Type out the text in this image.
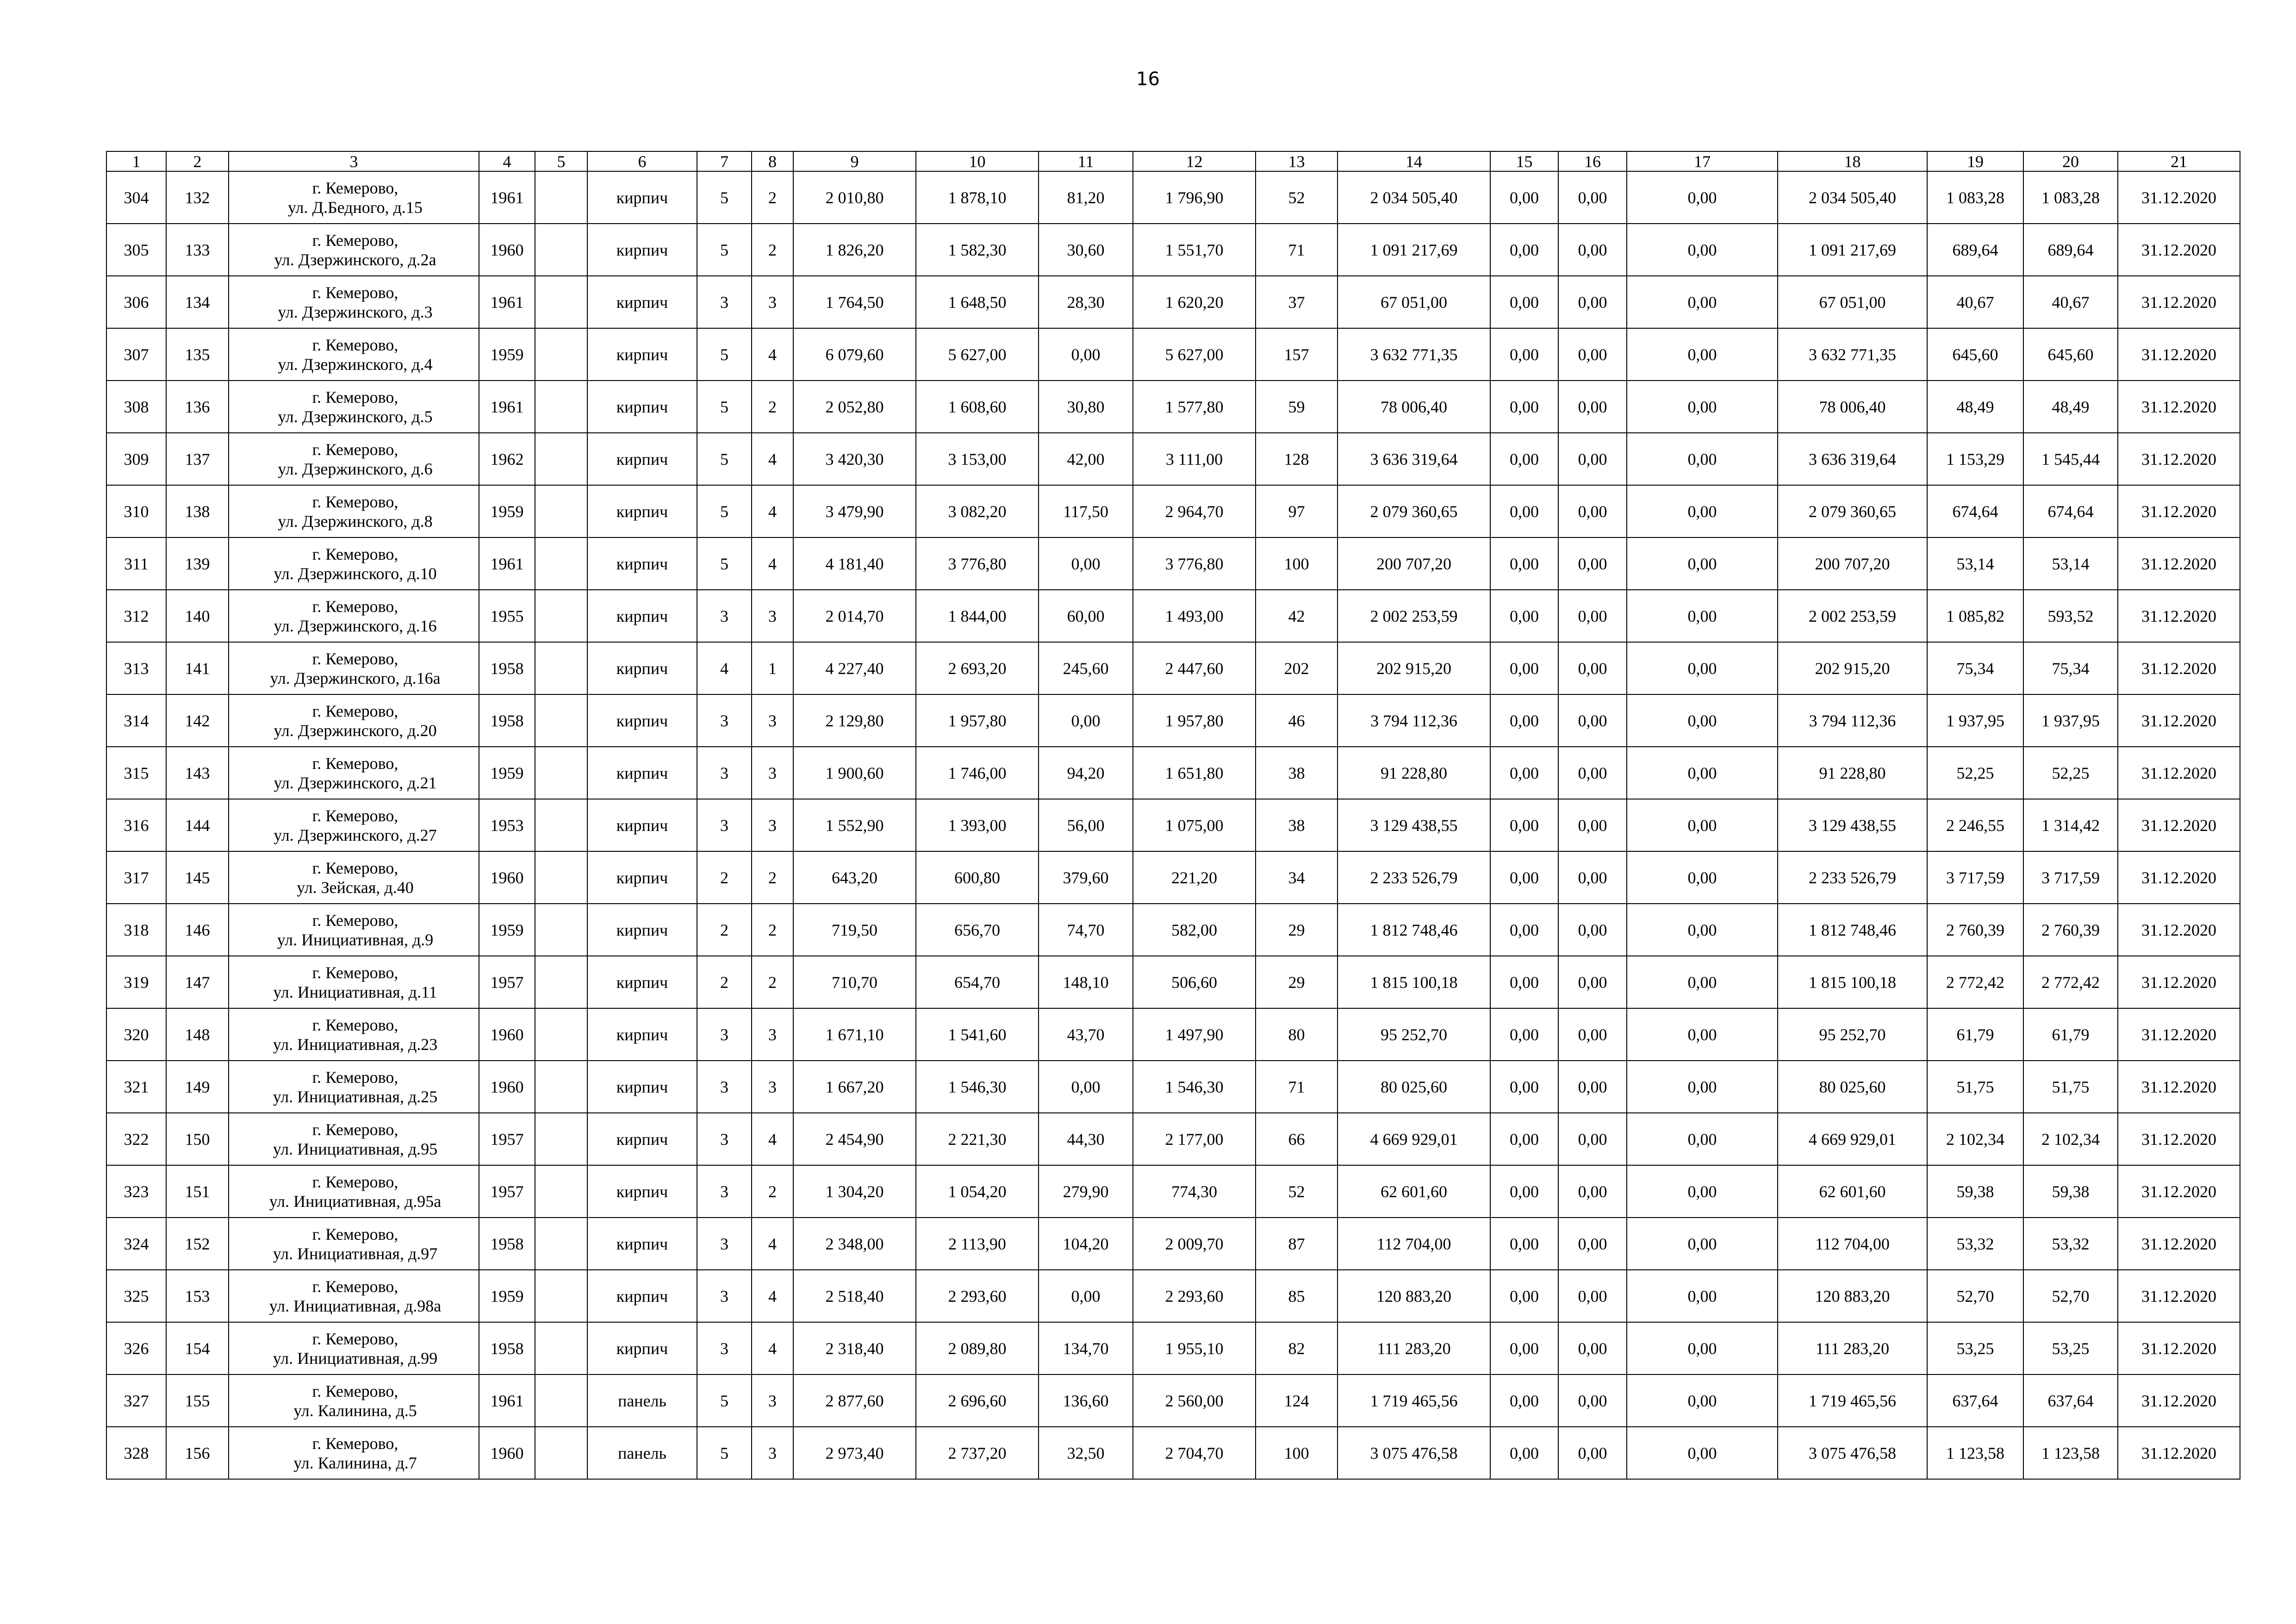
16
1	2	3	4	5	6	7	8	9	10	11	12	13	14	15	16	17	18	19	20	21
304	132	г. Кемерово,
ул. Д.Бедного, д.15	1961		кирпич	5	2	2 010,80	1 878,10	81,20	1 796,90	52	2 034 505,40	0,00	0,00	0,00	2 034 505,40	1 083,28	1 083,28	31.12.2020
305	133	г. Кемерово,
ул. Дзержинского, д.2а	1960		кирпич	5	2	1 826,20	1 582,30	30,60	1 551,70	71	1 091 217,69	0,00	0,00	0,00	1 091 217,69	689,64	689,64	31.12.2020
306	134	г. Кемерово,
ул. Дзержинского, д.3	1961		кирпич	3	3	1 764,50	1 648,50	28,30	1 620,20	37	67 051,00	0,00	0,00	0,00	67 051,00	40,67	40,67	31.12.2020
307	135	г. Кемерово,
ул. Дзержинского, д.4	1959		кирпич	5	4	6 079,60	5 627,00	0,00	5 627,00	157	3 632 771,35	0,00	0,00	0,00	3 632 771,35	645,60	645,60	31.12.2020
308	136	г. Кемерово,
ул. Дзержинского, д.5	1961		кирпич	5	2	2 052,80	1 608,60	30,80	1 577,80	59	78 006,40	0,00	0,00	0,00	78 006,40	48,49	48,49	31.12.2020
309	137	г. Кемерово,
ул. Дзержинского, д.6	1962		кирпич	5	4	3 420,30	3 153,00	42,00	3 111,00	128	3 636 319,64	0,00	0,00	0,00	3 636 319,64	1 153,29	1 545,44	31.12.2020
310	138	г. Кемерово,
ул. Дзержинского, д.8	1959		кирпич	5	4	3 479,90	3 082,20	117,50	2 964,70	97	2 079 360,65	0,00	0,00	0,00	2 079 360,65	674,64	674,64	31.12.2020
311	139	г. Кемерово,
ул. Дзержинского, д.10	1961		кирпич	5	4	4 181,40	3 776,80	0,00	3 776,80	100	200 707,20	0,00	0,00	0,00	200 707,20	53,14	53,14	31.12.2020
312	140	г. Кемерово,
ул. Дзержинского, д.16	1955		кирпич	3	3	2 014,70	1 844,00	60,00	1 493,00	42	2 002 253,59	0,00	0,00	0,00	2 002 253,59	1 085,82	593,52	31.12.2020
313	141	г. Кемерово,
ул. Дзержинского, д.16а	1958		кирпич	4	1	4 227,40	2 693,20	245,60	2 447,60	202	202 915,20	0,00	0,00	0,00	202 915,20	75,34	75,34	31.12.2020
314	142	г. Кемерово,
ул. Дзержинского, д.20	1958		кирпич	3	3	2 129,80	1 957,80	0,00	1 957,80	46	3 794 112,36	0,00	0,00	0,00	3 794 112,36	1 937,95	1 937,95	31.12.2020
315	143	г. Кемерово,
ул. Дзержинского, д.21	1959		кирпич	3	3	1 900,60	1 746,00	94,20	1 651,80	38	91 228,80	0,00	0,00	0,00	91 228,80	52,25	52,25	31.12.2020
316	144	г. Кемерово,
ул. Дзержинского, д.27	1953		кирпич	3	3	1 552,90	1 393,00	56,00	1 075,00	38	3 129 438,55	0,00	0,00	0,00	3 129 438,55	2 246,55	1 314,42	31.12.2020
317	145	г. Кемерово,
ул. Зейская, д.40	1960		кирпич	2	2	643,20	600,80	379,60	221,20	34	2 233 526,79	0,00	0,00	0,00	2 233 526,79	3 717,59	3 717,59	31.12.2020
318	146	г. Кемерово,
ул. Инициативная, д.9	1959		кирпич	2	2	719,50	656,70	74,70	582,00	29	1 812 748,46	0,00	0,00	0,00	1 812 748,46	2 760,39	2 760,39	31.12.2020
319	147	г. Кемерово,
ул. Инициативная, д.11	1957		кирпич	2	2	710,70	654,70	148,10	506,60	29	1 815 100,18	0,00	0,00	0,00	1 815 100,18	2 772,42	2 772,42	31.12.2020
320	148	г. Кемерово,
ул. Инициативная, д.23	1960		кирпич	3	3	1 671,10	1 541,60	43,70	1 497,90	80	95 252,70	0,00	0,00	0,00	95 252,70	61,79	61,79	31.12.2020
321	149	г. Кемерово,
ул. Инициативная, д.25	1960		кирпич	3	3	1 667,20	1 546,30	0,00	1 546,30	71	80 025,60	0,00	0,00	0,00	80 025,60	51,75	51,75	31.12.2020
322	150	г. Кемерово,
ул. Инициативная, д.95	1957		кирпич	3	4	2 454,90	2 221,30	44,30	2 177,00	66	4 669 929,01	0,00	0,00	0,00	4 669 929,01	2 102,34	2 102,34	31.12.2020
323	151	г. Кемерово,
ул. Инициативная, д.95а	1957		кирпич	3	2	1 304,20	1 054,20	279,90	774,30	52	62 601,60	0,00	0,00	0,00	62 601,60	59,38	59,38	31.12.2020
324	152	г. Кемерово,
ул. Инициативная, д.97	1958		кирпич	3	4	2 348,00	2 113,90	104,20	2 009,70	87	112 704,00	0,00	0,00	0,00	112 704,00	53,32	53,32	31.12.2020
325	153	г. Кемерово,
ул. Инициативная, д.98а	1959		кирпич	3	4	2 518,40	2 293,60	0,00	2 293,60	85	120 883,20	0,00	0,00	0,00	120 883,20	52,70	52,70	31.12.2020
326	154	г. Кемерово,
ул. Инициативная, д.99	1958		кирпич	3	4	2 318,40	2 089,80	134,70	1 955,10	82	111 283,20	0,00	0,00	0,00	111 283,20	53,25	53,25	31.12.2020
327	155	г. Кемерово,
ул. Калинина, д.5	1961		панель	5	3	2 877,60	2 696,60	136,60	2 560,00	124	1 719 465,56	0,00	0,00	0,00	1 719 465,56	637,64	637,64	31.12.2020
328	156	г. Кемерово,
ул. Калинина, д.7	1960		панель	5	3	2 973,40	2 737,20	32,50	2 704,70	100	3 075 476,58	0,00	0,00	0,00	3 075 476,58	1 123,58	1 123,58	31.12.2020
